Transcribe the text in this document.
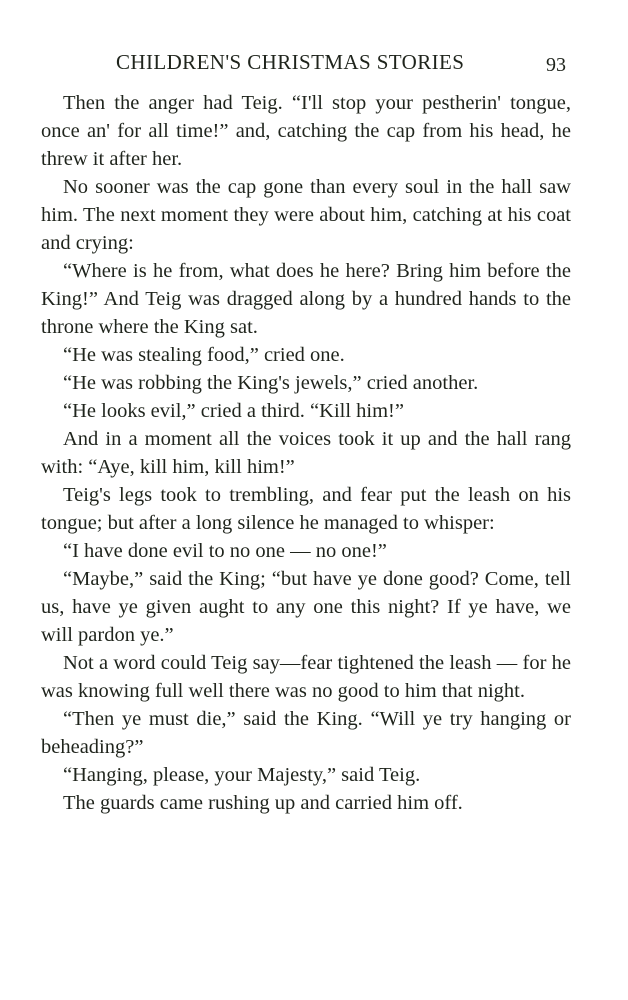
CHILDREN'S CHRISTMAS STORIES	93

Then the anger had Teig. “I'll stop your pestherin' tongue, once an' for all time!” and, catching the cap from his head, he threw it after her.

No sooner was the cap gone than every soul in the hall saw him. The next moment they were about him, catching at his coat and crying:

“Where is he from, what does he here? Bring him before the King!” And Teig was dragged along by a hundred hands to the throne where the King sat.

“He was stealing food,” cried one.

“He was robbing the King's jewels,” cried another.

“He looks evil,” cried a third. “Kill him!”

And in a moment all the voices took it up and the hall rang with: “Aye, kill him, kill him!”

Teig's legs took to trembling, and fear put the leash on his tongue; but after a long silence he managed to whisper:

“I have done evil to no one — no one!”

“Maybe,” said the King; “but have ye done good? Come, tell us, have ye given aught to any one this night? If ye have, we will pardon ye.”

Not a word could Teig say—fear tightened the leash — for he was knowing full well there was no good to him that night.

“Then ye must die,” said the King. “Will ye try hanging or beheading?”

“Hanging, please, your Majesty,” said Teig.

The guards came rushing up and carried him off.
